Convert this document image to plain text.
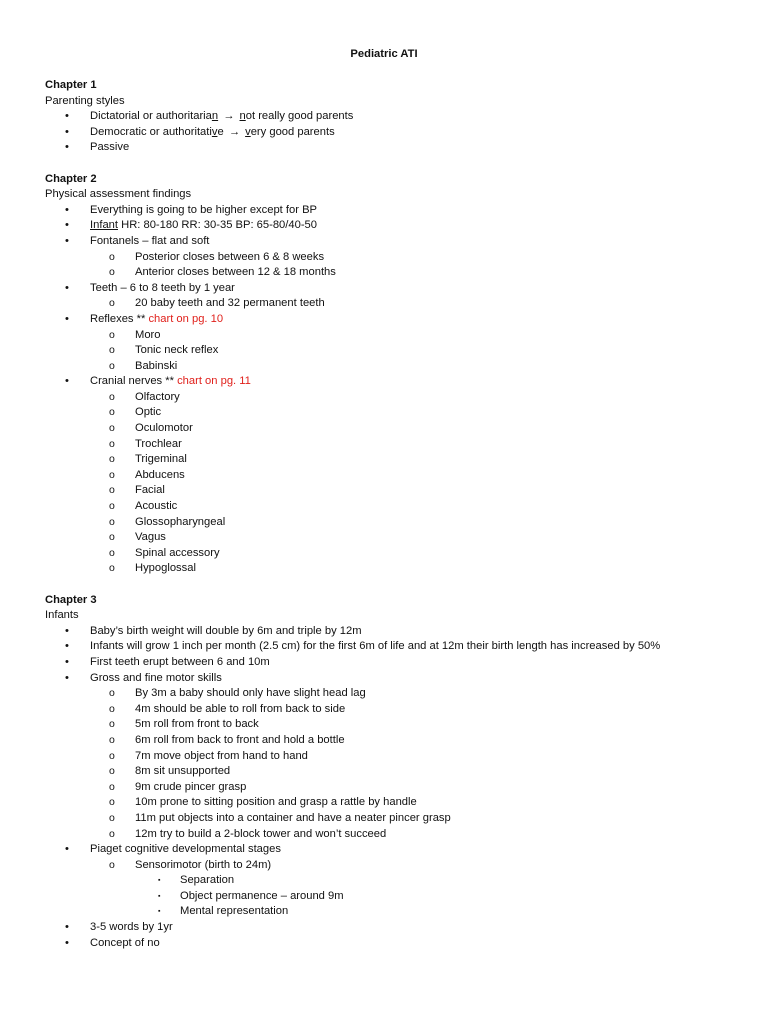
Pediatric ATI
Chapter 1
Parenting styles
• Dictatorial or authoritarian → not really good parents
• Democratic or authoritative → very good parents
• Passive
Chapter 2
Physical assessment findings
• Everything is going to be higher except for BP
• Infant HR: 80-180 RR: 30-35 BP: 65-80/40-50
• Fontanels – flat and soft
o Posterior closes between 6 & 8 weeks
o Anterior closes between 12 & 18 months
• Teeth – 6 to 8 teeth by 1 year
o 20 baby teeth and 32 permanent teeth
• Reflexes ** chart on pg. 10
o Moro
o Tonic neck reflex
o Babinski
• Cranial nerves ** chart on pg. 11
o Olfactory
o Optic
o Oculomotor
o Trochlear
o Trigeminal
o Abducens
o Facial
o Acoustic
o Glossopharyngeal
o Vagus
o Spinal accessory
o Hypoglossal
Chapter 3
Infants
• Baby’s birth weight will double by 6m and triple by 12m
• Infants will grow 1 inch per month (2.5 cm) for the first 6m of life and at 12m their birth length has increased by 50%
• First teeth erupt between 6 and 10m
• Gross and fine motor skills
o By 3m a baby should only have slight head lag
o 4m should be able to roll from back to side
o 5m roll from front to back
o 6m roll from back to front and hold a bottle
o 7m move object from hand to hand
o 8m sit unsupported
o 9m crude pincer grasp
o 10m prone to sitting position and grasp a rattle by handle
o 11m put objects into a container and have a neater pincer grasp
o 12m try to build a 2-block tower and won’t succeed
• Piaget cognitive developmental stages
o Sensorimotor (birth to 24m)
▪ Separation
▪ Object permanence – around 9m
▪ Mental representation
• 3-5 words by 1yr
• Concept of no
